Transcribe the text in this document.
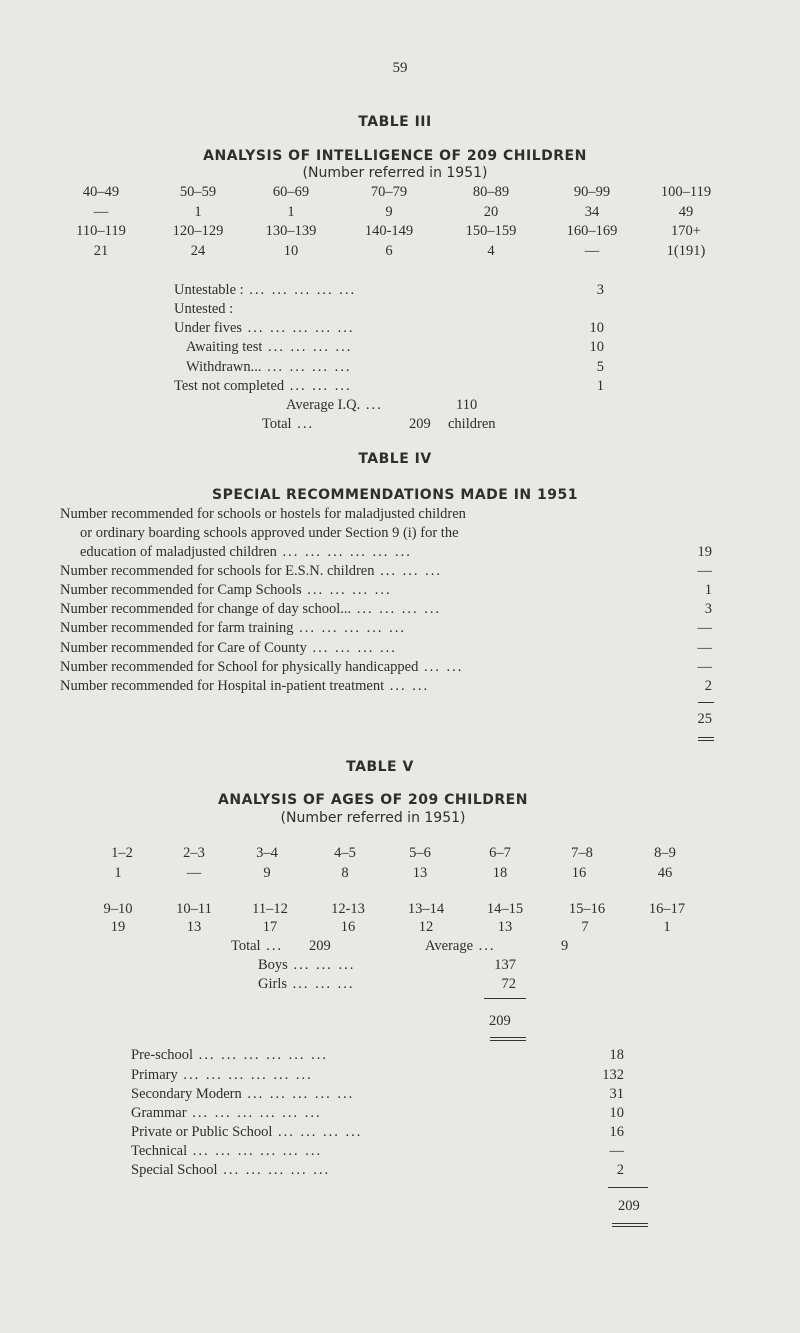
59
TABLE III
ANALYSIS OF INTELLIGENCE OF 209 CHILDREN
(Number referred in 1951)
40–49	50–59	60–69	70–79	80–89	90–99	100–119
—	1	1	9	20	34	49
110–119	120–129	130–139	140-149	150–159	160–169	170+
21	24	10	6	4	—	1(191)
Untestable : ... ... ... ... ...	3
Untested :
Under fives ... ... ... ... ...	10
Awaiting test ... ... ... ...	10
Withdrawn... ... ... ... ...	5
Test not completed ... ... ...	1
Average I.Q. ...	110
Total ...	209 children
TABLE IV
SPECIAL RECOMMENDATIONS MADE IN 1951
Number recommended for schools or hostels for maladjusted children
or ordinary boarding schools approved under Section 9 (i) for the
education of maladjusted children ... ... ... ... ... ...	19
Number recommended for schools for E.S.N. children ... ... ...	—
Number recommended for Camp Schools ... ... ... ...	1
Number recommended for change of day school... ... ... ... ...	3
Number recommended for farm training ... ... ... ... ...	—
Number recommended for Care of County ... ... ... ...	—
Number recommended for School for physically handicapped ... ...	—
Number recommended for Hospital in-patient treatment ... ...	2
25
TABLE V
ANALYSIS OF AGES OF 209 CHILDREN
(Number referred in 1951)
1–2	2–3	3–4	4–5	5–6	6–7	7–8	8–9
1	—	9	8	13	18	16	46
9–10	10–11	11–12	12-13	13–14	14–15	15–16	16–17
19	13	17	16	12	13	7	1
Total ... 209	Average ...	9
Boys ... ... ...	137
Girls ... ... ...	72
209
Pre-school ... ... ... ... ... ...	18
Primary ... ... ... ... ... ...	132
Secondary Modern ... ... ... ... ...	31
Grammar ... ... ... ... ... ...	10
Private or Public School ... ... ... ...	16
Technical ... ... ... ... ... ...	—
Special School ... ... ... ... ...	2
209
